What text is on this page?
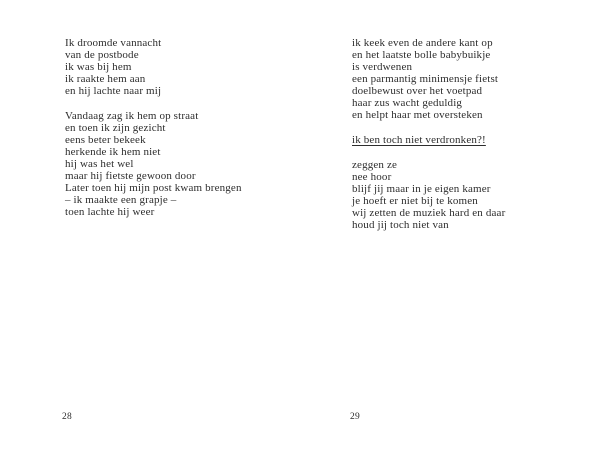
Ik droomde vannacht
van de postbode
ik was bij hem
ik raakte hem aan
en hij lachte naar mij
Vandaag zag ik hem op straat
en toen ik zijn gezicht
eens beter bekeek
herkende ik hem niet
hij was het wel
maar hij fietste gewoon door
Later toen hij mijn post kwam brengen
– ik maakte een grapje –
toen lachte hij weer
28
ik keek even de andere kant op
en het laatste bolle babybuikje
is verdwenen
een parmantig minimensje fietst
doelbewust over het voetpad
haar zus wacht geduldig
en helpt haar met oversteken
ik ben toch niet verdronken?!
zeggen ze
nee hoor
blijf jij maar in je eigen kamer
je hoeft er niet bij te komen
wij zetten de muziek hard en daar
houd jij toch niet van
29
